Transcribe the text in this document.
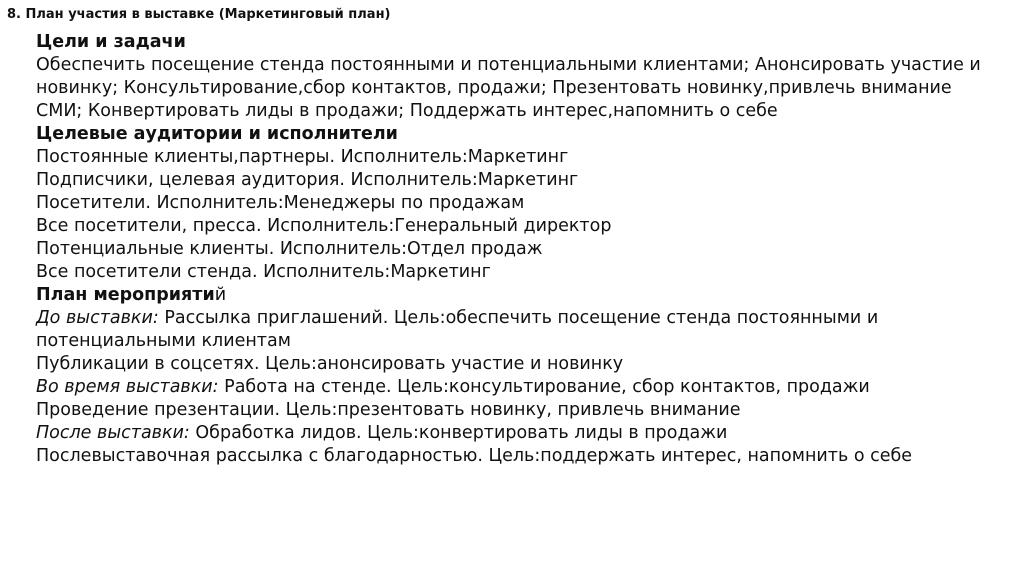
8. План участия в выставке (Маркетинговый план)
Цели и задачи
Обеспечить посещение стенда постоянными и потенциальными клиентами; Анонсировать участие и
новинку; Консультирование,сбор контактов, продажи; Презентовать новинку,привлечь внимание
СМИ; Конвертировать лиды в продажи; Поддержать интерес,напомнить о себе
Целевые аудитории и исполнители
Постоянные клиенты,партнеры. Исполнитель:Маркетинг
Подписчики, целевая аудитория. Исполнитель:Маркетинг
Посетители. Исполнитель:Менеджеры по продажам
Все посетители, пресса. Исполнитель:Генеральный директор
Потенциальные клиенты. Исполнитель:Отдел продаж
Все посетители стенда. Исполнитель:Маркетинг
План мероприятий
До выставки: Рассылка приглашений. Цель:обеспечить посещение стенда постоянными и
потенциальными клиентам
Публикации в соцсетях. Цель:анонсировать участие и новинку
Во время выставки: Работа на стенде. Цель:консультирование, сбор контактов, продажи
Проведение презентации. Цель:презентовать новинку, привлечь внимание
После выставки: Обработка лидов. Цель:конвертировать лиды в продажи
Послевыставочная рассылка с благодарностью. Цель:поддержать интерес, напомнить о себе
